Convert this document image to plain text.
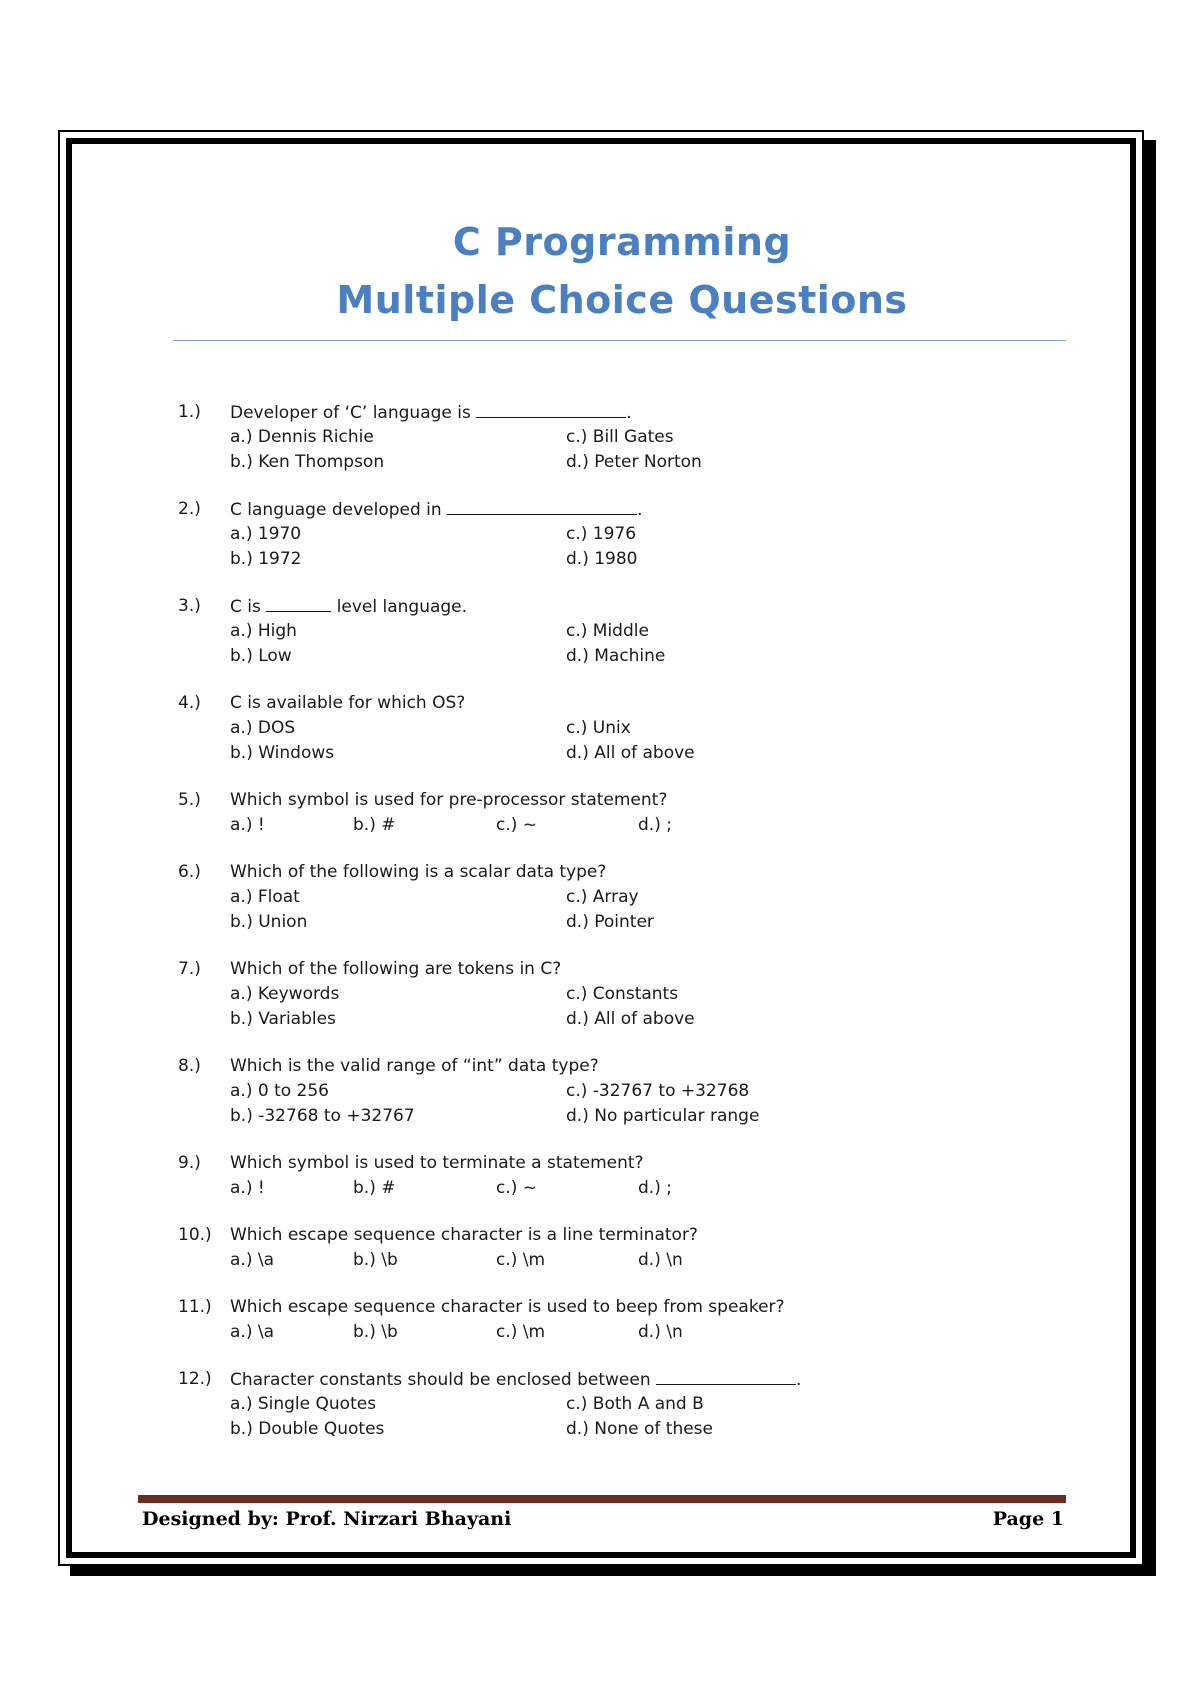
C Programming
Multiple Choice Questions
1.) Developer of ‘C’ language is	.
a.) Dennis Richie	c.) Bill Gates
b.) Ken Thompson	d.) Peter Norton
2.) C language developed in	.
a.) 1970	c.) 1976
b.) 1972	d.) 1980
3.) C is	level language.
a.) High	c.) Middle
b.) Low	d.) Machine
4.) C is available for which OS?
a.) DOS	c.) Unix
b.) Windows	d.) All of above
5.) Which symbol is used for pre-processor statement?
a.) !	b.) #	c.) ~	d.) ;
6.) Which of the following is a scalar data type?
a.) Float	c.) Array
b.) Union	d.) Pointer
7.) Which of the following are tokens in C?
a.) Keywords	c.) Constants
b.) Variables	d.) All of above
8.) Which is the valid range of “int” data type?
a.) 0 to 256	c.) -32767 to +32768
b.) -32768 to +32767	d.) No particular range
9.) Which symbol is used to terminate a statement?
a.) !	b.) #	c.) ~	d.) ;
10.) Which escape sequence character is a line terminator?
a.) \a	b.) \b	c.) \m	d.) \n
11.) Which escape sequence character is used to beep from speaker?
a.) \a	b.) \b	c.) \m	d.) \n
12.) Character constants should be enclosed between	.
a.) Single Quotes	c.) Both A and B
b.) Double Quotes	d.) None of these
Designed by: Prof. Nirzari Bhayani	Page 1
